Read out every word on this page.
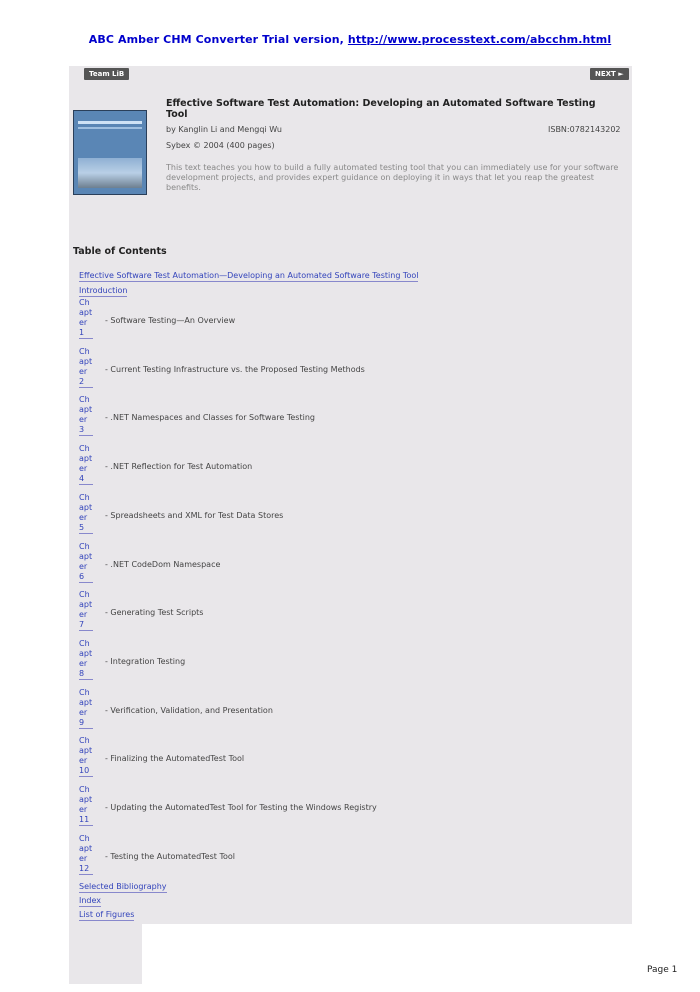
ABC Amber CHM Converter Trial version, http://www.processtext.com/abcchm.html
Team LiB	NEXT ►
Effective Software Test Automation: Developing an Automated Software Testing Tool
by Kanglin Li and Mengqi Wu	ISBN:0782143202
Sybex © 2004 (400 pages)
This text teaches you how to build a fully automated testing tool that you can immediately use for your software development projects, and provides expert guidance on deploying it in ways that let you reap the greatest benefits.
Table of Contents
Effective Software Test Automation—Developing an Automated Software Testing Tool
Introduction
Ch
apt
er
1
- Software Testing—An Overview
Ch
apt
er
2
- Current Testing Infrastructure vs. the Proposed Testing Methods
Ch
apt
er
3
- .NET Namespaces and Classes for Software Testing
Ch
apt
er
4
- .NET Reflection for Test Automation
Ch
apt
er
5
- Spreadsheets and XML for Test Data Stores
Ch
apt
er
6
- .NET CodeDom Namespace
Ch
apt
er
7
- Generating Test Scripts
Ch
apt
er
8
- Integration Testing
Ch
apt
er
9
- Verification, Validation, and Presentation
Ch
apt
er
10
- Finalizing the AutomatedTest Tool
Ch
apt
er
11
- Updating the AutomatedTest Tool for Testing the Windows Registry
Ch
apt
er
12
- Testing the AutomatedTest Tool
Selected Bibliography
Index
List of Figures
Page 1
